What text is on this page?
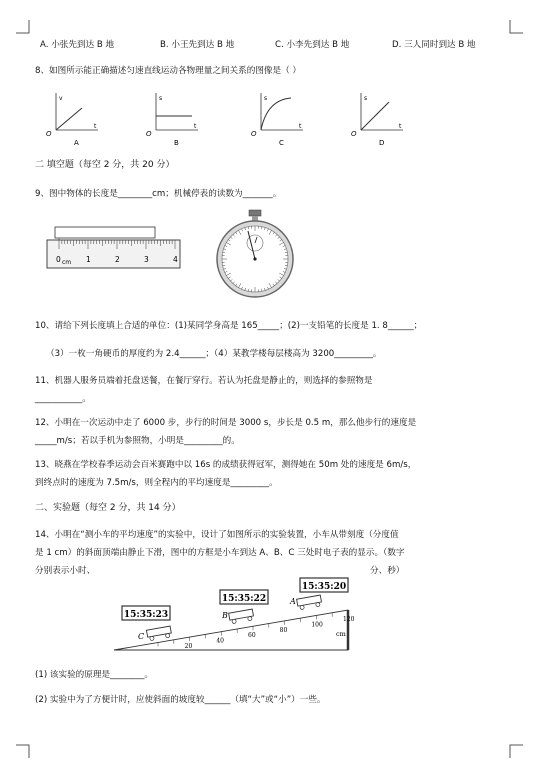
A. 小张先到达 B 地	B. 小王先到达 B 地	C. 小李先到达 B 地	D. 三人同时到达 B 地
8、如图所示能正确描述匀速直线运动各物理量之间关系的图像是（ ）
v
t
O
A
s
t
O
B
s
t
O
C
s
t
O
D
二 填空题（每空 2 分，共 20 分）
9、图中物体的长度是________cm；机械停表的读数为_______。
0	1	2	3	4
cm
10、请给下列长度填上合适的单位：(1)某同学身高是 165_____；(2)一支铅笔的长度是 1. 8______；
（3）一枚一角硬币的厚度约为 2.4______；（4）某教学楼每层楼高为 3200_________。
11、机器人服务员端着托盘送餐，在餐厅穿行。若认为托盘是静止的，则选择的参照物是
___________。
12、小明在一次运动中走了 6000 步，步行的时间是 3000 s，步长是 0.5 m，那么他步行的速度是
_____m/s；若以手机为参照物，小明是_________的。
13、晓燕在学校春季运动会百米赛跑中以 16s 的成绩获得冠军，测得她在 50m 处的速度是 6m/s，
到终点时的速度为 7.5m/s，则全程内的平均速度是_________。
二、实验题（每空 2 分，共 14 分）
14、小明在“测小车的平均速度”的实验中，设计了如图所示的实验装置，小车从带刻度（分度值
是 1 cm）的斜面顶端由静止下滑，图中的方框是小车到达 A、B、C 三处时电子表的显示。（数字
分别表示小时、	分、秒）
20
40
60
80
100
120
cm
15:35:23
C
15:35:22
B
15:35:20
A
(1) 该实验的原理是________。
(2) 实验中为了方便计时，应使斜面的坡度较______（填“大”或“小”）一些。
